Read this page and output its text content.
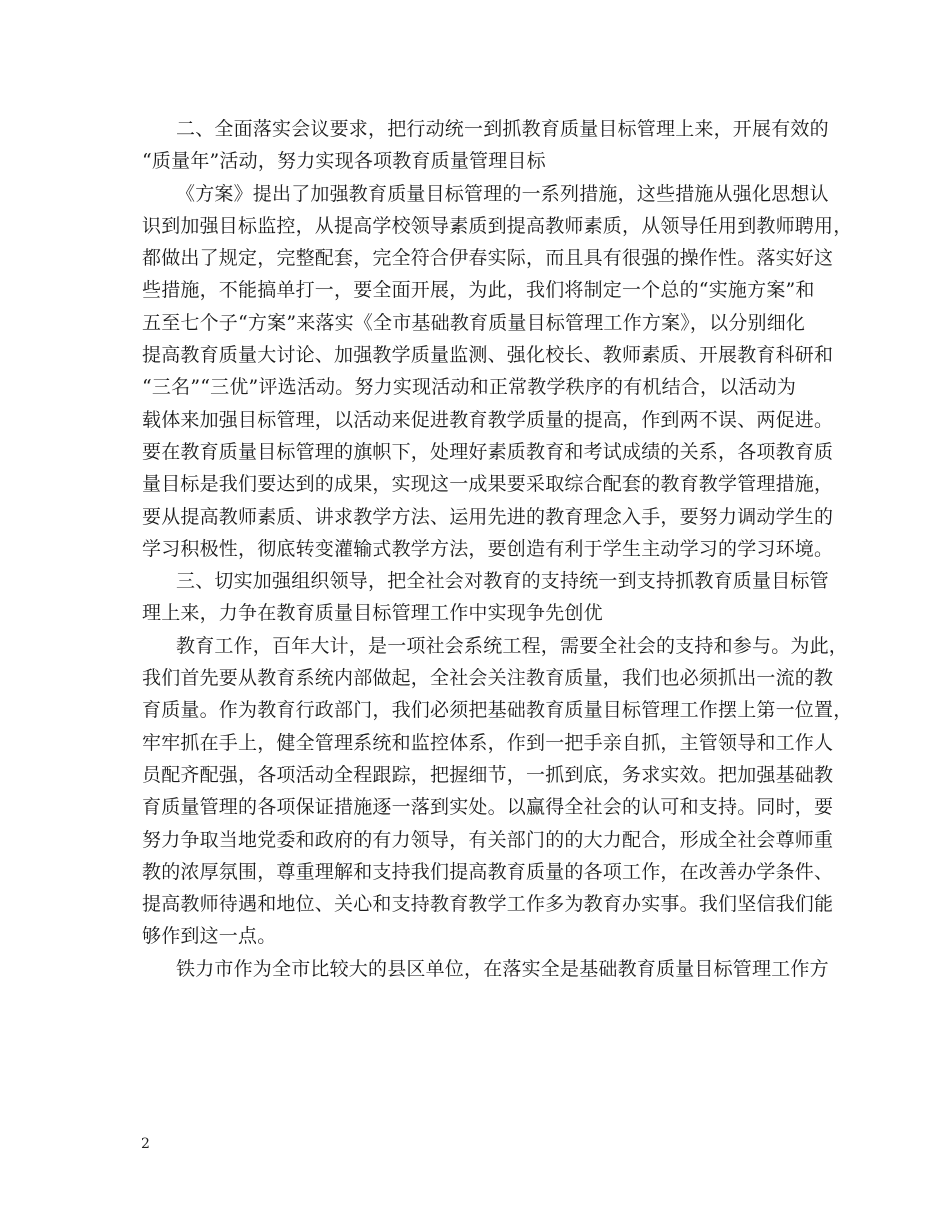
二、全面落实会议要求，把行动统一到抓教育质量目标管理上来，开展有效的
“质量年”活动，努力实现各项教育质量管理目标

《方案》提出了加强教育质量目标管理的一系列措施，这些措施从强化思想认
识到加强目标监控，从提高学校领导素质到提高教师素质，从领导任用到教师聘用，
都做出了规定，完整配套，完全符合伊春实际，而且具有很强的操作性。落实好这
些措施，不能搞单打一，要全面开展，为此，我们将制定一个总的“实施方案”和
五至七个子“方案”来落实《全市基础教育质量目标管理工作方案》，以分别细化
提高教育质量大讨论、加强教学质量监测、强化校长、教师素质、开展教育科研和
“三名”“三优”评选活动。努力实现活动和正常教学秩序的有机结合，以活动为
载体来加强目标管理，以活动来促进教育教学质量的提高，作到两不误、两促进。
要在教育质量目标管理的旗帜下，处理好素质教育和考试成绩的关系，各项教育质
量目标是我们要达到的成果，实现这一成果要采取综合配套的教育教学管理措施，
要从提高教师素质、讲求教学方法、运用先进的教育理念入手，要努力调动学生的
学习积极性，彻底转变灌输式教学方法，要创造有利于学生主动学习的学习环境。

三、切实加强组织领导，把全社会对教育的支持统一到支持抓教育质量目标管
理上来，力争在教育质量目标管理工作中实现争先创优

教育工作，百年大计，是一项社会系统工程，需要全社会的支持和参与。为此，
我们首先要从教育系统内部做起，全社会关注教育质量，我们也必须抓出一流的教
育质量。作为教育行政部门，我们必须把基础教育质量目标管理工作摆上第一位置，
牢牢抓在手上，健全管理系统和监控体系，作到一把手亲自抓，主管领导和工作人
员配齐配强，各项活动全程跟踪，把握细节，一抓到底，务求实效。把加强基础教
育质量管理的各项保证措施逐一落到实处。以赢得全社会的认可和支持。同时，要
努力争取当地党委和政府的有力领导，有关部门的的大力配合，形成全社会尊师重
教的浓厚氛围，尊重理解和支持我们提高教育质量的各项工作，在改善办学条件、
提高教师待遇和地位、关心和支持教育教学工作多为教育办实事。我们坚信我们能
够作到这一点。

铁力市作为全市比较大的县区单位，在落实全是基础教育质量目标管理工作方

2
